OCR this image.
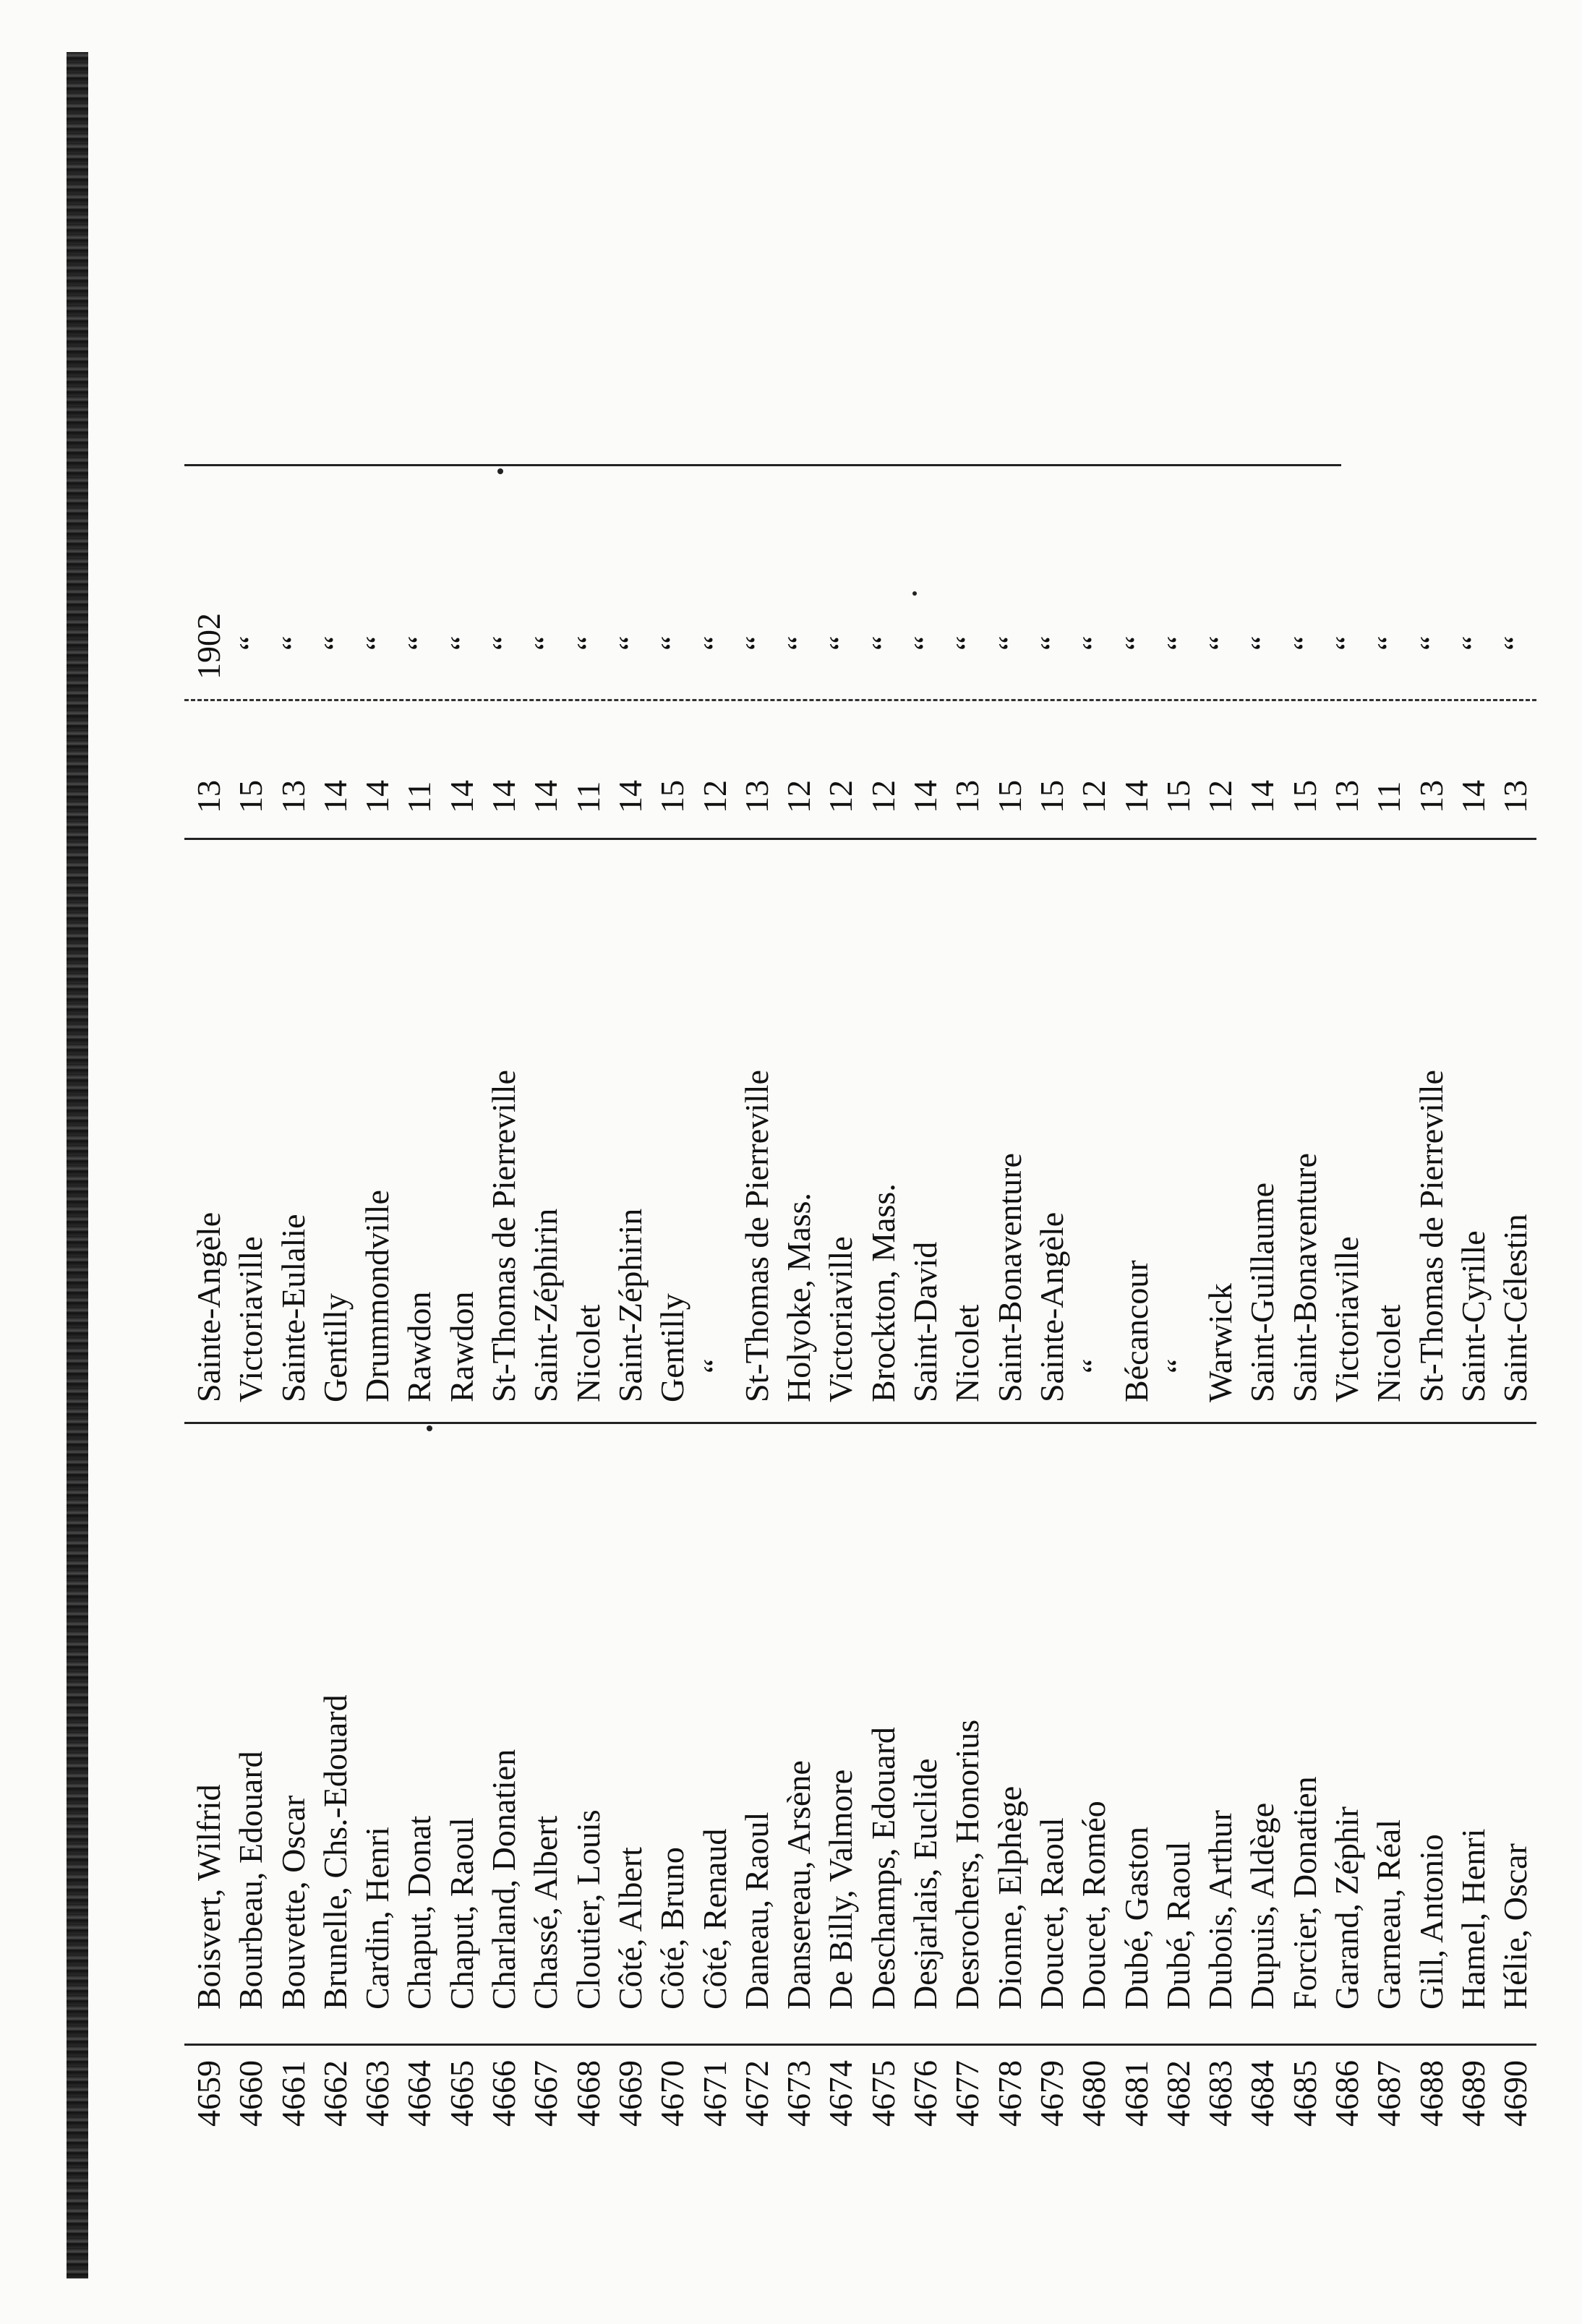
4659 4660 4661 4662 4663 4664 4665 4666 4667 4668 4669 4670 4671 4672 4673 4674 4675 4676 4677 4678 4679 4680 4681 4682 4683 4684 4685 4686 4687 4688 4689 4690
Boisvert, Wilfrid Bourbeau, Edouard Bouvette, Oscar Brunelle, Chs.-Edouard Cardin, Henri Chaput, Donat Chaput, Raoul Charland, Donatien Chassé, Albert Cloutier, Louis Côté, Albert Côté, Bruno Côté, Renaud Daneau, Raoul Dansereau, Arsène De Billy, Valmore Deschamps, Edouard Desjarlais, Euclide Desrochers, Honorius Dionne, Elphège Doucet, Raoul Doucet, Roméo Dubé, Gaston Dubé, Raoul Dubois, Arthur Dupuis, Aldège Forcier, Donatien Garand, Zéphir Garneau, Réal Gill, Antonio Hamel, Henri Hélie, Oscar
Sainte-Angèle Victoriaville Sainte-Eulalie Gentilly Drummondville Rawdon Rawdon St-Thomas de Pierreville Saint-Zéphirin Nicolet Saint-Zéphirin Gentilly “ St-Thomas de Pierreville Holyoke, Mass. Victoriaville Brockton, Mass. Saint-David Nicolet Saint-Bonaventure Sainte-Angèle “ Bécancour “ Warwick Saint-Guillaume Saint-Bonaventure Victoriaville Nicolet St-Thomas de Pierreville Saint-Cyrille Saint-Célestin
13 15 13 14 14 11 14 14 14 11 14 15 12 13 12 12 12 14 13 15 15 12 14 15 12 14 15 13 11 13 14 13
1902 “ “ “ “ “ “ “ “ “ “ “ “ “ “ “ “ “ “ “ “ “ “ “ “ “ “ “ “ “ “ “
